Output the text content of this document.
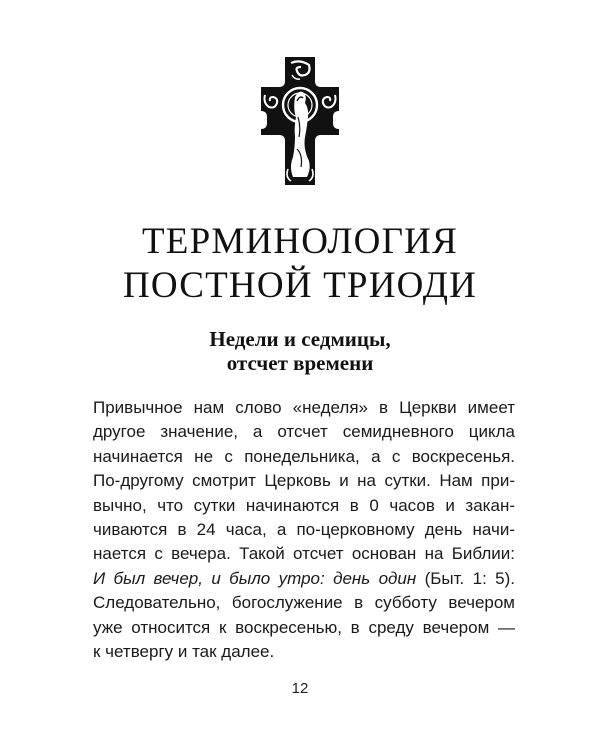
ТЕРМИНОЛОГИЯ
ПОСТНОЙ ТРИОДИ
Недели и седмицы,
отсчет времени
Привычное нам слово «неделя» в Церкви имеет
другое значение, а отсчет семидневного цикла
начинается не с понедельника, а с воскресенья.
По-другому смотрит Церковь и на сутки. Нам при-
вычно, что сутки начинаются в 0 часов и закан-
чиваются в 24 часа, а по-церковному день начи-
нается с вечера. Такой отсчет основан на Библии:
И был вечер, и было утро: день один (Быт. 1: 5).
Следовательно, богослужение в субботу вечером
уже относится к воскресенью, в среду вечером —
к четвергу и так далее.
12
